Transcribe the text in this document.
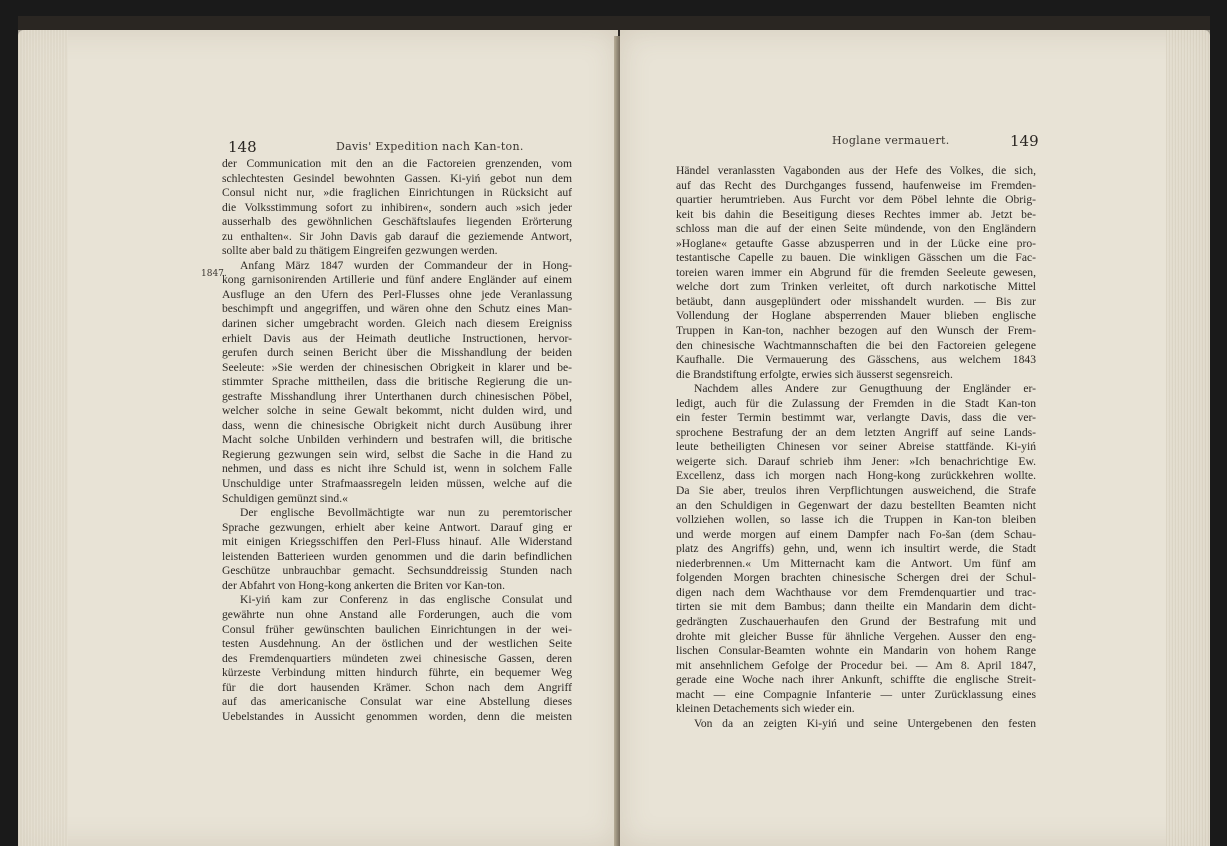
148	Davis' Expedition nach Kan-ton.
1847.
der Communication mit den an die Factoreien grenzenden, vom
schlechtesten Gesindel bewohnten Gassen. Ki-yiń gebot nun dem
Consul nicht nur, »die fraglichen Einrichtungen in Rücksicht auf
die Volksstimmung sofort zu inhibiren«, sondern auch »sich jeder
ausserhalb des gewöhnlichen Geschäftslaufes liegenden Erörterung
zu enthalten«. Sir John Davis gab darauf die geziemende Antwort,
sollte aber bald zu thätigem Eingreifen gezwungen werden.
Anfang März 1847 wurden der Commandeur der in Hong-
kong garnisonirenden Artillerie und fünf andere Engländer auf einem
Ausfluge an den Ufern des Perl-Flusses ohne jede Veranlassung
beschimpft und angegriffen, und wären ohne den Schutz eines Man-
darinen sicher umgebracht worden. Gleich nach diesem Ereigniss
erhielt Davis aus der Heimath deutliche Instructionen, hervor-
gerufen durch seinen Bericht über die Misshandlung der beiden
Seeleute: »Sie werden der chinesischen Obrigkeit in klarer und be-
stimmter Sprache mittheilen, dass die britische Regierung die un-
gestrafte Misshandlung ihrer Unterthanen durch chinesischen Pöbel,
welcher solche in seine Gewalt bekommt, nicht dulden wird, und
dass, wenn die chinesische Obrigkeit nicht durch Ausübung ihrer
Macht solche Unbilden verhindern und bestrafen will, die britische
Regierung gezwungen sein wird, selbst die Sache in die Hand zu
nehmen, und dass es nicht ihre Schuld ist, wenn in solchem Falle
Unschuldige unter Strafmaassregeln leiden müssen, welche auf die
Schuldigen gemünzt sind.«
Der englische Bevollmächtigte war nun zu peremtorischer
Sprache gezwungen, erhielt aber keine Antwort. Darauf ging er
mit einigen Kriegsschiffen den Perl-Fluss hinauf. Alle Widerstand
leistenden Batterieen wurden genommen und die darin befindlichen
Geschütze unbrauchbar gemacht. Sechsunddreissig Stunden nach
der Abfahrt von Hong-kong ankerten die Briten vor Kan-ton.
Ki-yiń kam zur Conferenz in das englische Consulat und
gewährte nun ohne Anstand alle Forderungen, auch die vom
Consul früher gewünschten baulichen Einrichtungen in der wei-
testen Ausdehnung. An der östlichen und der westlichen Seite
des Fremdenquartiers mündeten zwei chinesische Gassen, deren
kürzeste Verbindung mitten hindurch führte, ein bequemer Weg
für die dort hausenden Krämer. Schon nach dem Angriff
auf das americanische Consulat war eine Abstellung dieses
Uebelstandes in Aussicht genommen worden, denn die meisten
Hoglane vermauert.	149
Händel veranlassten Vagabonden aus der Hefe des Volkes, die sich,
auf das Recht des Durchganges fussend, haufenweise im Fremden-
quartier herumtrieben. Aus Furcht vor dem Pöbel lehnte die Obrig-
keit bis dahin die Beseitigung dieses Rechtes immer ab. Jetzt be-
schloss man die auf der einen Seite mündende, von den Engländern
»Hoglane« getaufte Gasse abzusperren und in der Lücke eine pro-
testantische Capelle zu bauen. Die winkligen Gässchen um die Fac-
toreien waren immer ein Abgrund für die fremden Seeleute gewesen,
welche dort zum Trinken verleitet, oft durch narkotische Mittel
betäubt, dann ausgeplündert oder misshandelt wurden. — Bis zur
Vollendung der Hoglane absperrenden Mauer blieben englische
Truppen in Kan-ton, nachher bezogen auf den Wunsch der Frem-
den chinesische Wachtmannschaften die bei den Factoreien gelegene
Kaufhalle. Die Vermauerung des Gässchens, aus welchem 1843
die Brandstiftung erfolgte, erwies sich äusserst segensreich.
Nachdem alles Andere zur Genugthuung der Engländer er-
ledigt, auch für die Zulassung der Fremden in die Stadt Kan-ton
ein fester Termin bestimmt war, verlangte Davis, dass die ver-
sprochene Bestrafung der an dem letzten Angriff auf seine Lands-
leute betheiligten Chinesen vor seiner Abreise stattfände. Ki-yiń
weigerte sich. Darauf schrieb ihm Jener: »Ich benachrichtige Ew.
Excellenz, dass ich morgen nach Hong-kong zurückkehren wollte.
Da Sie aber, treulos ihren Verpflichtungen ausweichend, die Strafe
an den Schuldigen in Gegenwart der dazu bestellten Beamten nicht
vollziehen wollen, so lasse ich die Truppen in Kan-ton bleiben
und werde morgen auf einem Dampfer nach Fo-šan (dem Schau-
platz des Angriffs) gehn, und, wenn ich insultirt werde, die Stadt
niederbrennen.« Um Mitternacht kam die Antwort. Um fünf am
folgenden Morgen brachten chinesische Schergen drei der Schul-
digen nach dem Wachthause vor dem Fremdenquartier und trac-
tirten sie mit dem Bambus; dann theilte ein Mandarin dem dicht-
gedrängten Zuschauerhaufen den Grund der Bestrafung mit und
drohte mit gleicher Busse für ähnliche Vergehen. Ausser den eng-
lischen Consular-Beamten wohnte ein Mandarin von hohem Range
mit ansehnlichem Gefolge der Procedur bei. — Am 8. April 1847,
gerade eine Woche nach ihrer Ankunft, schiffte die englische Streit-
macht — eine Compagnie Infanterie — unter Zurücklassung eines
kleinen Detachements sich wieder ein.
Von da an zeigten Ki-yiń und seine Untergebenen den festen
